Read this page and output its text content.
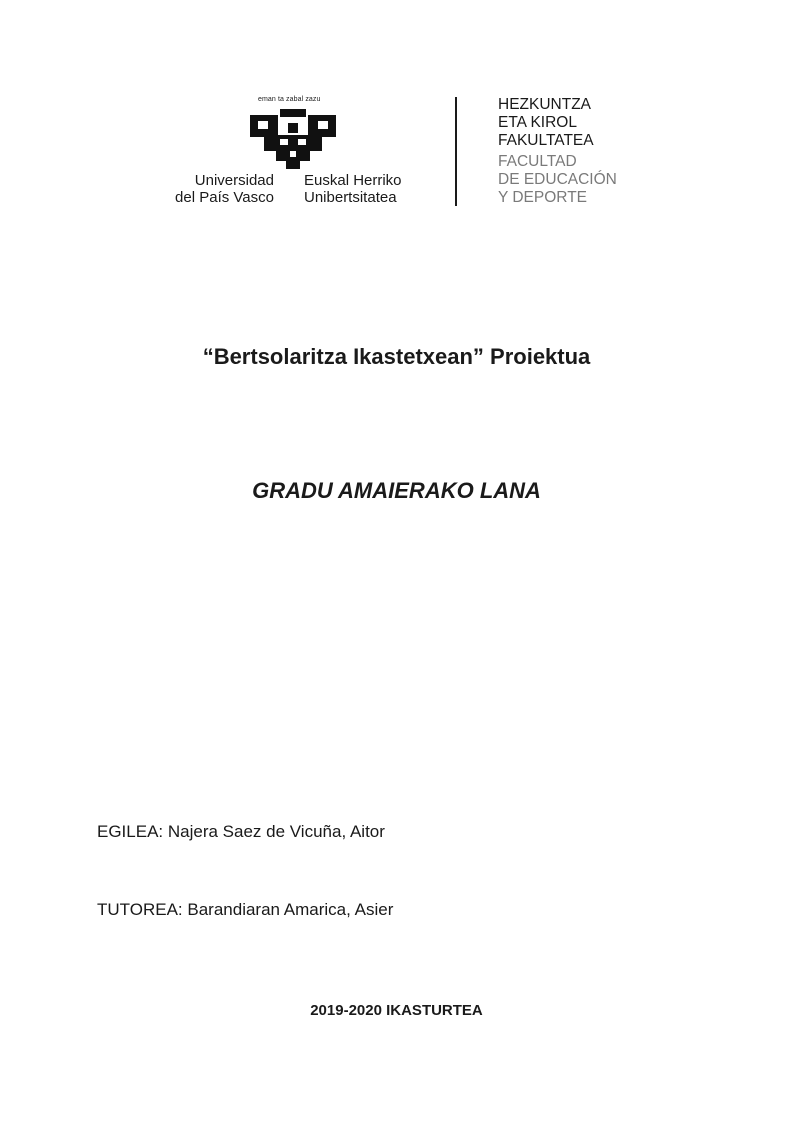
eman ta zabal zazu
Universidad
del País Vasco
Euskal Herriko
Unibertsitatea
HEZKUNTZA
ETA KIROL
FAKULTATEA
FACULTAD
DE EDUCACIÓN
Y DEPORTE
“Bertsolaritza Ikastetxean” Proiektua
GRADU AMAIERAKO LANA
EGILEA: Najera Saez de Vicuña, Aitor
TUTOREA: Barandiaran Amarica, Asier
2019-2020 IKASTURTEA
